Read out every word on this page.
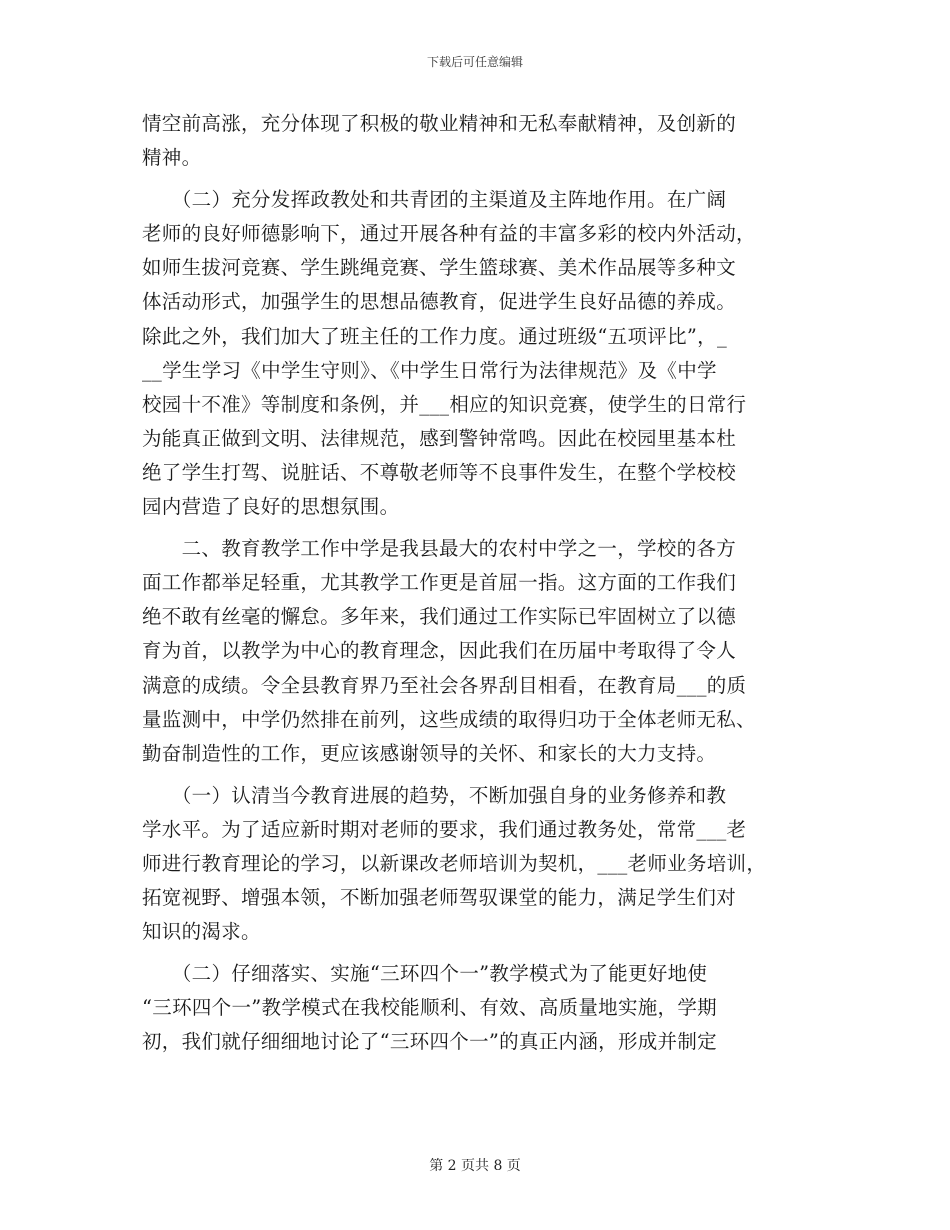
下载后可任意编辑
情空前高涨，充分体现了积极的敬业精神和无私奉献精神，及创新的
精神。
　　（二）充分发挥政教处和共青团的主渠道及主阵地作用。在广阔
老师的良好师德影响下，通过开展各种有益的丰富多彩的校内外活动，
如师生拔河竞赛、学生跳绳竞赛、学生篮球赛、美术作品展等多种文
体活动形式，加强学生的思想品德教育，促进学生良好品德的养成。
除此之外，我们加大了班主任的工作力度。通过班级“五项评比”，_
__学生学习《中学生守则》、《中学生日常行为法律规范》及《中学
校园十不准》等制度和条例，并___相应的知识竞赛，使学生的日常行
为能真正做到文明、法律规范，感到警钟常鸣。因此在校园里基本杜
绝了学生打驾、说脏话、不尊敬老师等不良事件发生，在整个学校校
园内营造了良好的思想氛围。
　　二、教育教学工作中学是我县最大的农村中学之一，学校的各方
面工作都举足轻重，尤其教学工作更是首屈一指。这方面的工作我们
绝不敢有丝毫的懈怠。多年来，我们通过工作实际已牢固树立了以德
育为首，以教学为中心的教育理念，因此我们在历届中考取得了令人
满意的成绩。令全县教育界乃至社会各界刮目相看，在教育局___的质
量监测中，中学仍然排在前列，这些成绩的取得归功于全体老师无私、
勤奋制造性的工作，更应该感谢领导的关怀、和家长的大力支持。
　　（一）认清当今教育进展的趋势，不断加强自身的业务修养和教
学水平。为了适应新时期对老师的要求，我们通过教务处，常常___老
师进行教育理论的学习，以新课改老师培训为契机，___老师业务培训，
拓宽视野、增强本领，不断加强老师驾驭课堂的能力，满足学生们对
知识的渴求。
　　（二）仔细落实、实施“三环四个一”教学模式为了能更好地使
“三环四个一”教学模式在我校能顺利、有效、高质量地实施，学期
初，我们就仔细细地讨论了“三环四个一”的真正内涵，形成并制定
第 2 页共 8 页
